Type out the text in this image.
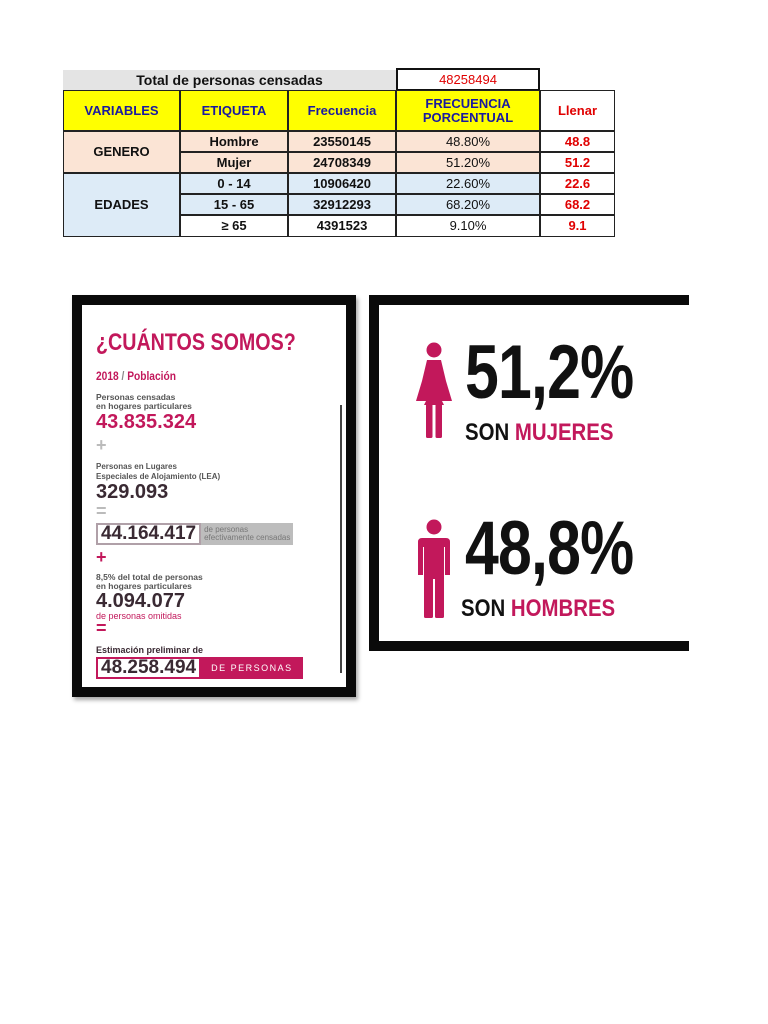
Total de personas censadas	48258494
VARIABLES	ETIQUETA	Frecuencia	FRECUENCIA PORCENTUAL	Llenar
GENERO
Hombre	23550145	48.80%	48.8
Mujer	24708349	51.20%	51.2
EDADES
0 - 14	10906420	22.60%	22.6
15 - 65	32912293	68.20%	68.2
≥ 65	4391523	9.10%	9.1
¿CUÁNTOS SOMOS?
2018 / Población
Personas censadas
en hogares particulares
43.835.324
+
Personas en Lugares
Especiales de Alojamiento (LEA)
329.093
=
44.164.417	de personas
efectivamente censadas
+
8,5% del total de personas
en hogares particulares
4.094.077
de personas omitidas
=
Estimación preliminar de
48.258.494	DE PERSONAS
51,2%
SON MUJERES
48,8%
SON HOMBRES
